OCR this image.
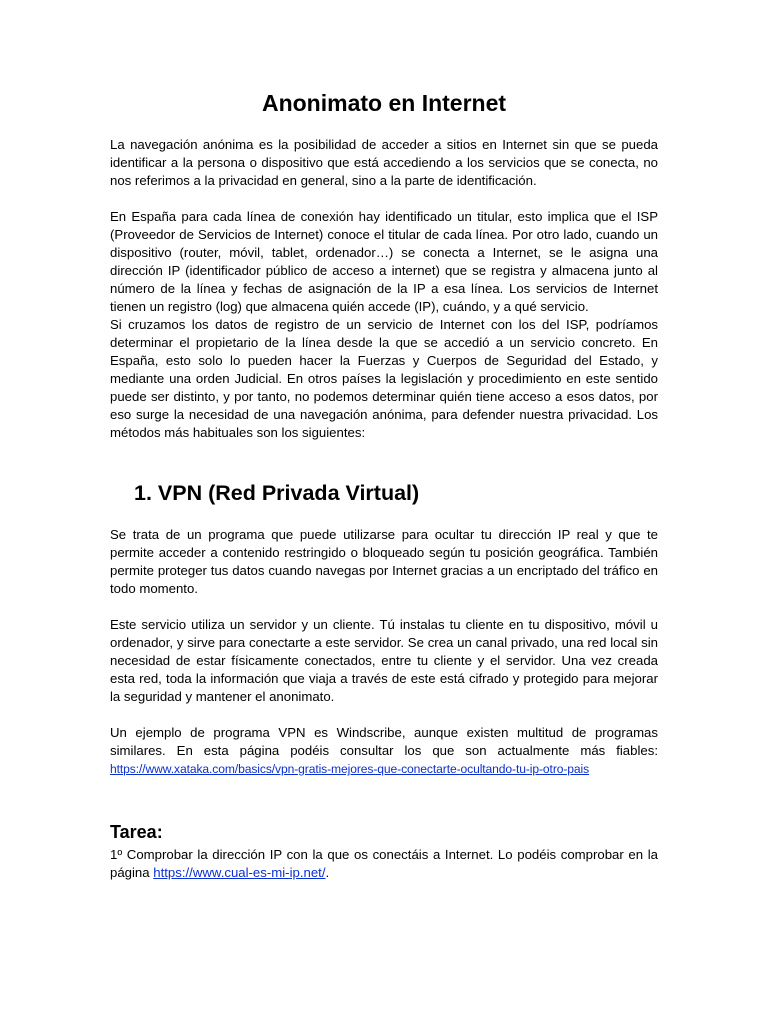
Anonimato en Internet

La navegación anónima es la posibilidad de acceder a sitios en Internet sin que se pueda identificar a la persona o dispositivo que está accediendo a los servicios que se conecta, no nos referimos a la privacidad en general, sino a la parte de identificación.

En España para cada línea de conexión hay identificado un titular, esto implica que el ISP (Proveedor de Servicios de Internet) conoce el titular de cada línea. Por otro lado, cuando un dispositivo (router, móvil, tablet, ordenador…) se conecta a Internet, se le asigna una dirección IP (identificador público de acceso a internet) que se registra y almacena junto al número de la línea y fechas de asignación de la IP a esa línea. Los servicios de Internet tienen un registro (log) que almacena quién accede (IP), cuándo, y a qué servicio.

Si cruzamos los datos de registro de un servicio de Internet con los del ISP, podríamos determinar el propietario de la línea desde la que se accedió a un servicio concreto. En España, esto solo lo pueden hacer la Fuerzas y Cuerpos de Seguridad del Estado, y mediante una orden Judicial. En otros países la legislación y procedimiento en este sentido puede ser distinto, y por tanto, no podemos determinar quién tiene acceso a esos datos, por eso surge la necesidad de una navegación anónima, para defender nuestra privacidad. Los métodos más habituales son los siguientes:

1. VPN (Red Privada Virtual)

Se trata de un programa que puede utilizarse para ocultar tu dirección IP real y que te permite acceder a contenido restringido o bloqueado según tu posición geográfica. También permite proteger tus datos cuando navegas por Internet gracias a un encriptado del tráfico en todo momento.

Este servicio utiliza un servidor y un cliente. Tú instalas tu cliente en tu dispositivo, móvil u ordenador, y sirve para conectarte a este servidor. Se crea un canal privado, una red local sin necesidad de estar físicamente conectados, entre tu cliente y el servidor. Una vez creada esta red, toda la información que viaja a través de este está cifrado y protegido para mejorar la seguridad y mantener el anonimato.

Un ejemplo de programa VPN es Windscribe, aunque existen multitud de programas similares. En esta página podéis consultar los que son actualmente más fiables: https://www.xataka.com/basics/vpn-gratis-mejores-que-conectarte-ocultando-tu-ip-otro-pais

Tarea:

1º Comprobar la dirección IP con la que os conectáis a Internet. Lo podéis comprobar en la página https://www.cual-es-mi-ip.net/.
